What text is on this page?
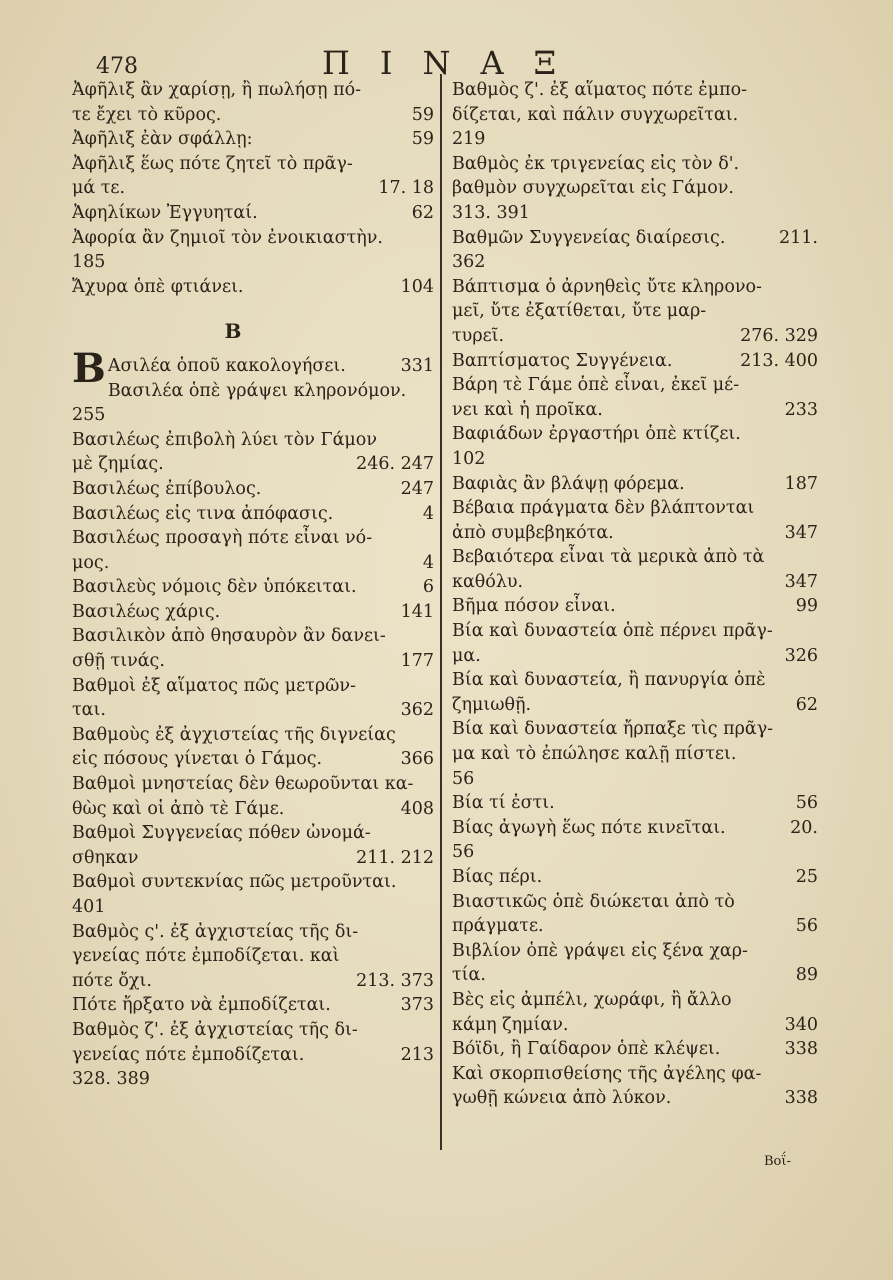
478	ΠΙΝΑΞ
Ἀφῆλιξ ἂν χαρίσῃ, ἢ πωλήσῃ πό-
59
τε ἔχει τὸ κῦρος.
59
Ἀφῆλιξ ἐὰν σφάλλῃ:
Ἀφῆλιξ ἕως πότε ζητεῖ τὸ πρᾶγ-
17. 18
μά τε.
62
Ἀφηλίκων Ἐγγυηταί.
Ἀφορία ἂν ζημιοῖ τὸν ἐνοικιαστὴν.
185
104
Ἄχυρα ὁπὲ φτιάνει.
Β
Β	331
Ασιλέα ὁποῦ κακολογήσει.
Βασιλέα ὁπὲ γράψει κληρονόμον.
255
Βασιλέως ἐπιβολὴ λύει τὸν Γάμον
246. 247
μὲ ζημίας.
247
Βασιλέως ἐπίβουλος.
4
Βασιλέως εἰς τινα ἀπόφασις.
Βασιλέως προσαγὴ πότε εἶναι νό-
4
μος.
6
Βασιλεὺς νόμοις δὲν ὑπόκειται.
141
Βασιλέως χάρις.
Βασιλικὸν ἀπὸ θησαυρὸν ἂν δανει-
177
σθῇ τινάς.
Βαθμοὶ ἐξ αἵματος πῶς μετρῶν-
362
ται.
Βαθμοὺς ἐξ ἀγχιστείας τῆς διγνείας
366
εἰς πόσους γίνεται ὁ Γάμος.
Βαθμοὶ μνηστείας δὲν θεωροῦνται κα-
408
θὼς καὶ οἱ ἀπὸ τὲ Γάμε.
Βαθμοὶ Συγγενείας πόθεν ὠνομά-
211. 212
σθηκαν
Βαθμοὶ συντεκνίας πῶς μετροῦνται.
401
Βαθμὸς ς'. ἐξ ἀγχιστείας τῆς δι-
γενείας πότε ἐμποδίζεται. καὶ
213. 373
πότε ὄχι.
373
Πότε ἤρξατο νὰ ἐμποδίζεται.
Βαθμὸς ζ'. ἐξ ἀγχιστείας τῆς δι-
213
γενείας πότε ἐμποδίζεται.
328. 389
Βαθμὸς ζ'. ἐξ αἵματος πότε ἐμπο-
δίζεται, καὶ πάλιν συγχωρεῖται.
219
Βαθμὸς ἐκ τριγενείας εἰς τὸν δ'.
βαθμὸν συγχωρεῖται εἰς Γάμον.
313. 391
211.
Βαθμῶν Συγγενείας διαίρεσις.
362
Βάπτισμα ὁ ἀρνηθεὶς ὔτε κληρονο-
μεῖ, ὔτε ἐξατίθεται, ὔτε μαρ-
276. 329
τυρεῖ.
213. 400
Βαπτίσματος Συγγένεια.
Βάρη τὲ Γάμε ὁπὲ εἶναι, ἐκεῖ μέ-
233
νει καὶ ἡ προῖκα.
Βαφιάδων ἐργαστήρι ὁπὲ κτίζει.
102
187
Βαφιὰς ἂν βλάψῃ φόρεμα.
Βέβαια πράγματα δὲν βλάπτονται
347
ἀπὸ συμβεβηκότα.
Βεβαιότερα εἶναι τὰ μερικὰ ἀπὸ τὰ
347
καθόλυ.
99
Βῆμα πόσον εἶναι.
Βία καὶ δυναστεία ὁπὲ πέρνει πρᾶγ-
326
μα.
Βία καὶ δυναστεία, ἢ πανυργία ὁπὲ
62
ζημιωθῇ.
Βία καὶ δυναστεία ἤρπαξε τὶς πρᾶγ-
μα καὶ τὸ ἐπώλησε καλῇ πίστει.
56
56
Βία τί ἐστι.
20.
Βίας ἀγωγὴ ἕως πότε κινεῖται.
56
25
Βίας πέρι.
Βιαστικῶς ὁπὲ διώκεται ἀπὸ τὸ
56
πράγματε.
Βιβλίον ὁπὲ γράψει εἰς ξένα χαρ-
89
τία.
Βὲς εἰς ἀμπέλι, χωράφι, ἢ ἄλλο
340
κάμη ζημίαν.
338
Βόϊδι, ἢ Γαίδαρον ὁπὲ κλέψει.
Καὶ σκορπισθείσης τῆς ἀγέλης φα-
338
γωθῇ κώνεια ἀπὸ λύκον.
Βοΐ-
